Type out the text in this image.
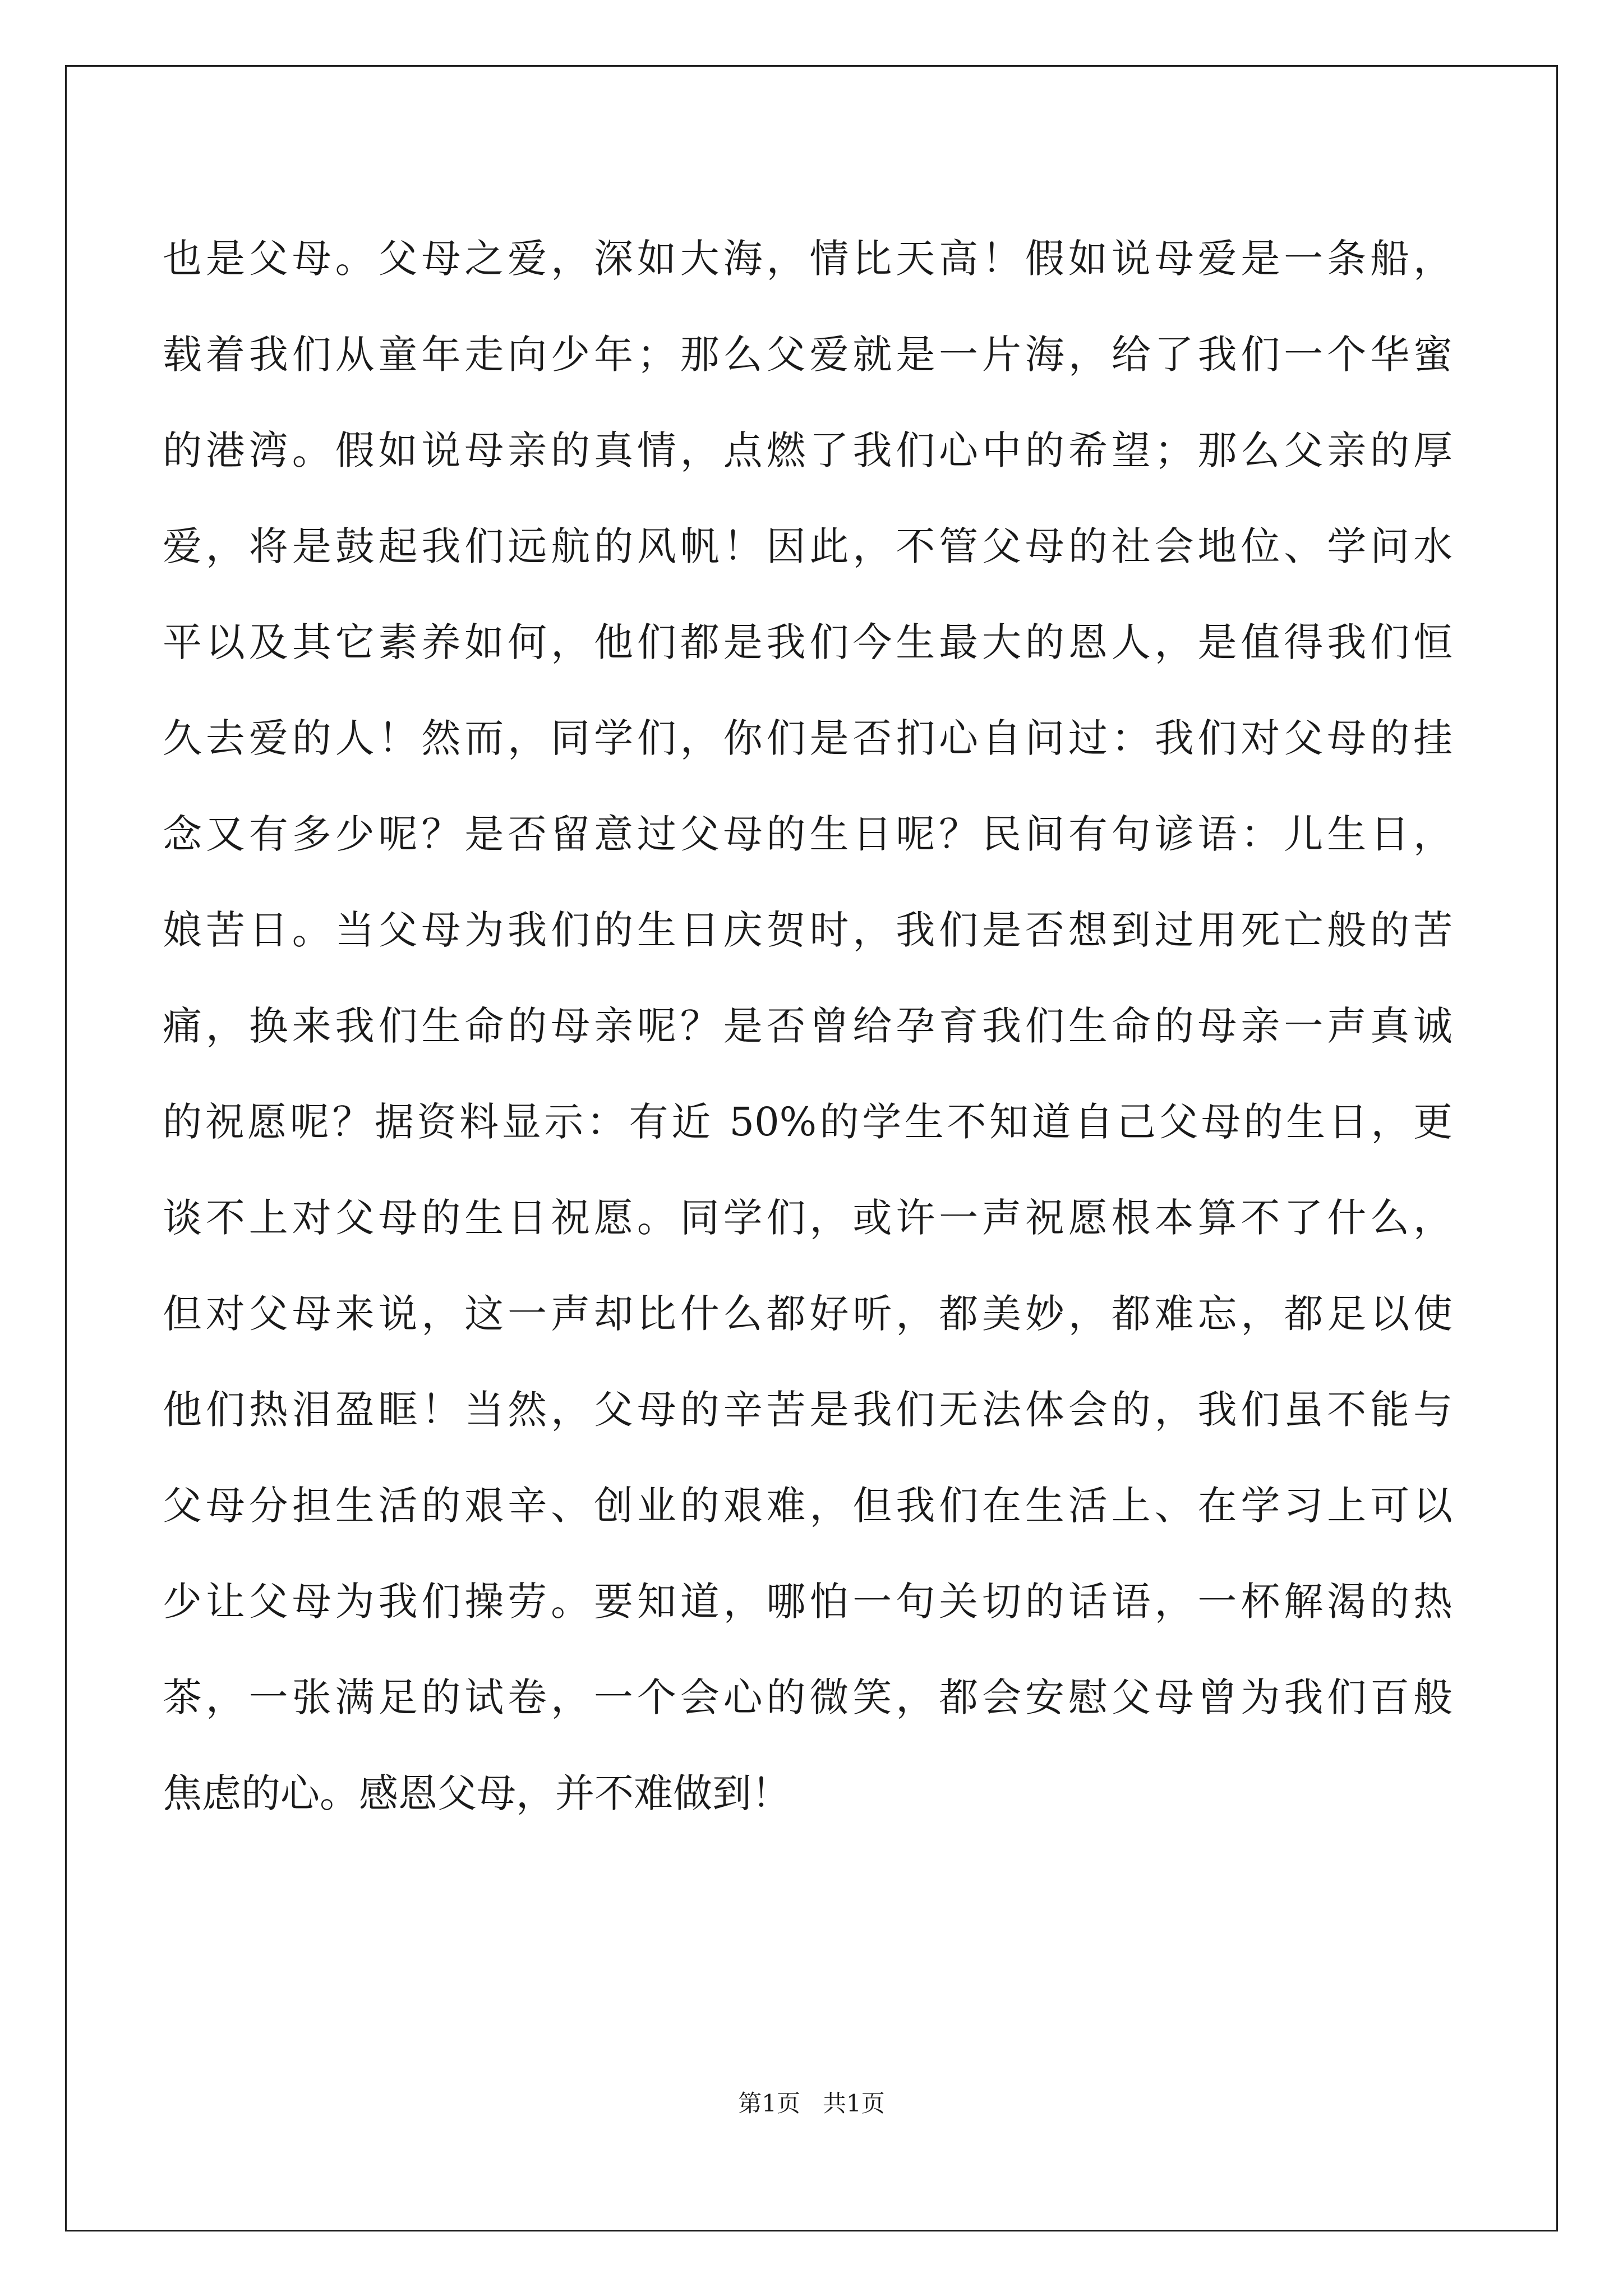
也是父母。父母之爱，深如大海，情比天高！假如说母爱是一条船，
载着我们从童年走向少年；那么父爱就是一片海，给了我们一个华蜜
的港湾。假如说母亲的真情，点燃了我们心中的希望；那么父亲的厚
爱，将是鼓起我们远航的风帆！因此，不管父母的社会地位、学问水
平以及其它素养如何，他们都是我们今生最大的恩人，是值得我们恒
久去爱的人！然而，同学们，你们是否扪心自问过：我们对父母的挂
念又有多少呢？是否留意过父母的生日呢？民间有句谚语：儿生日，
娘苦日。当父母为我们的生日庆贺时，我们是否想到过用死亡般的苦
痛，换来我们生命的母亲呢？是否曾给孕育我们生命的母亲一声真诚
的祝愿呢？据资料显示：有近 50%的学生不知道自己父母的生日，更
谈不上对父母的生日祝愿。同学们，或许一声祝愿根本算不了什么，
但对父母来说，这一声却比什么都好听，都美妙，都难忘，都足以使
他们热泪盈眶！当然，父母的辛苦是我们无法体会的，我们虽不能与
父母分担生活的艰辛、创业的艰难，但我们在生活上、在学习上可以
少让父母为我们操劳。要知道，哪怕一句关切的话语，一杯解渴的热
茶，一张满足的试卷，一个会心的微笑，都会安慰父母曾为我们百般
焦虑的心。感恩父母，并不难做到！
第1页 共1页
